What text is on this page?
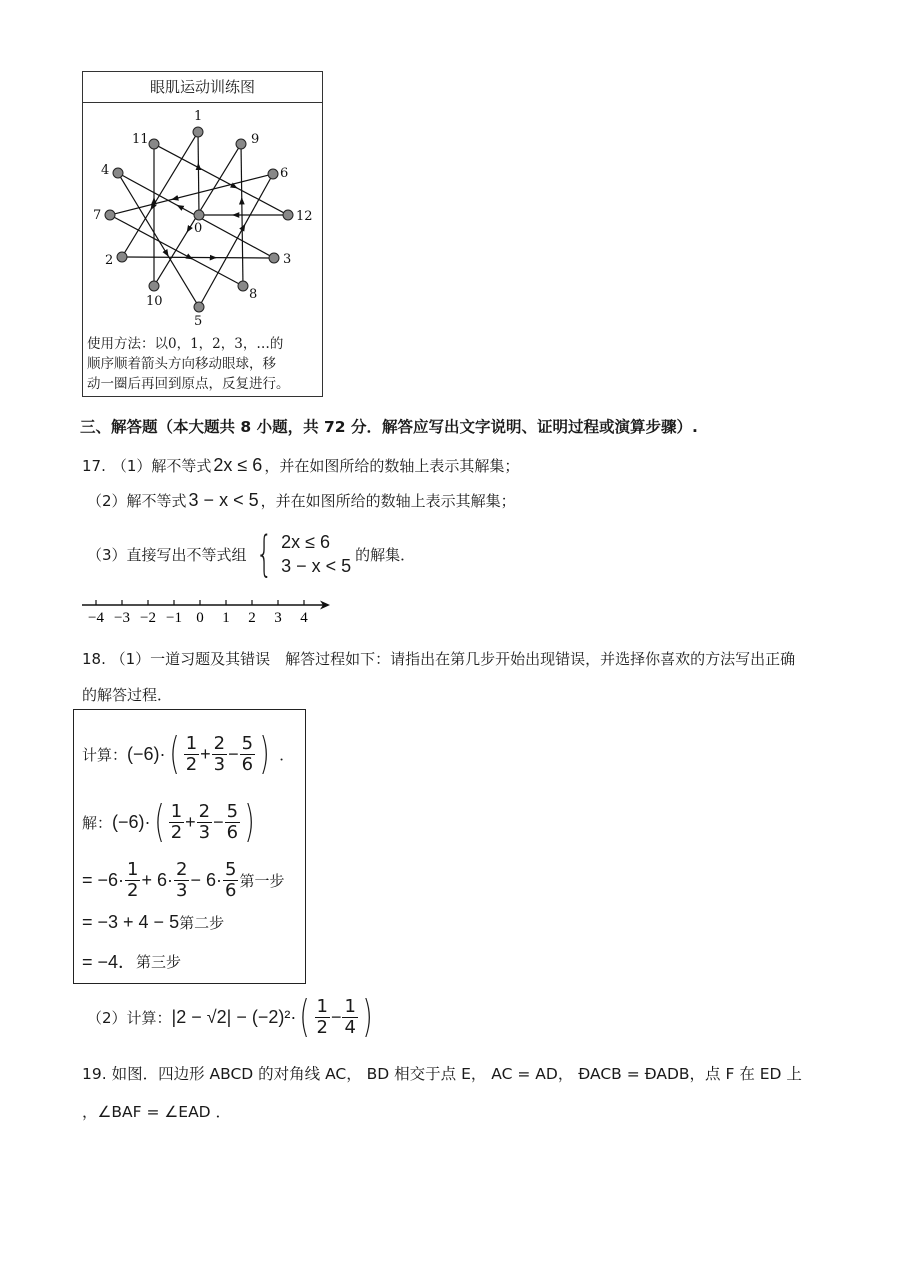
眼肌运动训练图
0
1
2	3
4
5
6
7
8
9
10
11
12
使用方法：以0，1，2，3，…的
顺序顺着箭头方向移动眼球，移
动一圈后再回到原点，反复进行。
三、解答题（本大题共 8 小题，共 72 分．解答应写出文字说明、证明过程或演算步骤）.
17. （1）解不等式 2x ≤ 6 ，并在如图所给的数轴上表示其解集；
（2）解不等式 3 − x < 5 ，并在如图所给的数轴上表示其解集；
（3）直接写出不等式组 { 2x ≤ 6
3 − x < 5
的解集．
−4 −3 −2 −1 0 1 2 3 4
18. （1）一道习题及其错误　解答过程如下：请指出在第几步开始出现错误，并选择你喜欢的方法写出正确
的解答过程．
计算： (−6)· ( $\frac{1}{2} + \frac{2}{3} - \frac{5}{6}$ ) ．
解： (−6)· ( $\frac{1}{2} + \frac{2}{3} - \frac{5}{6}$ )
= $-6\cdot \frac{1}{2} + 6\cdot \frac{2}{3} - 6\cdot \frac{5}{6}$ 第一步
= −3 + 4 − 5 第二步
= −4． 第三步
（2）计算： |2 − √2| − (−2)²· ( $\frac{1}{2} - \frac{1}{4}$ )
19. 如图．四边形 ABCD 的对角线 AC， BD 相交于点 E， AC = AD， ÐACB = ÐADB，点 F 在 ED 上
，∠BAF = ∠EAD ．
